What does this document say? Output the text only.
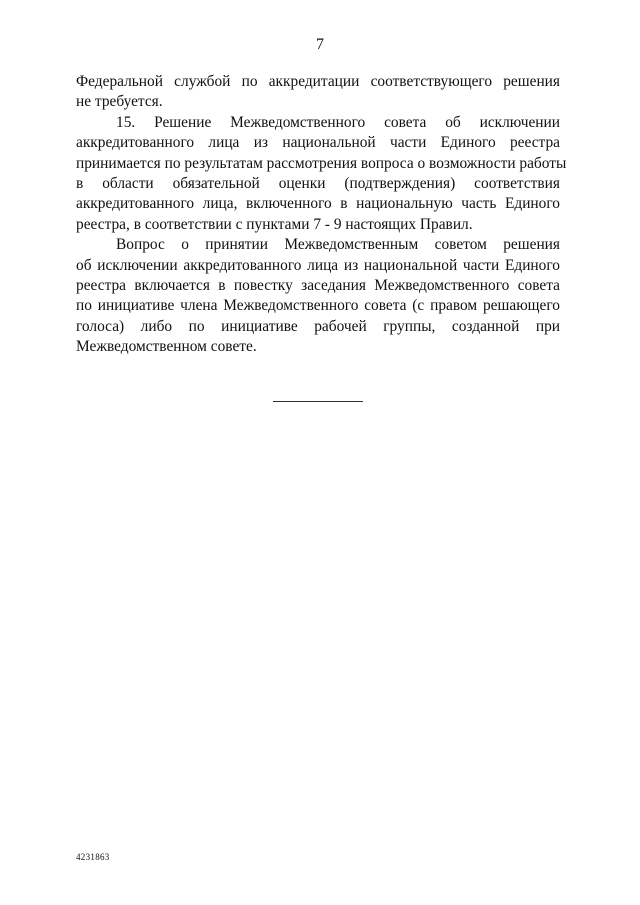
7
Федеральной службой по аккредитации соответствующего решения
не требуется.
15. Решение Межведомственного совета об исключении
аккредитованного лица из национальной части Единого реестра
принимается по результатам рассмотрения вопроса о возможности работы
в области обязательной оценки (подтверждения) соответствия
аккредитованного лица, включенного в национальную часть Единого
реестра, в соответствии с пунктами 7 - 9 настоящих Правил.
Вопрос о принятии Межведомственным советом решения
об исключении аккредитованного лица из национальной части Единого
реестра включается в повестку заседания Межведомственного совета
по инициативе члена Межведомственного совета (с правом решающего
голоса) либо по инициативе рабочей группы, созданной при
Межведомственном совете.
4231863
